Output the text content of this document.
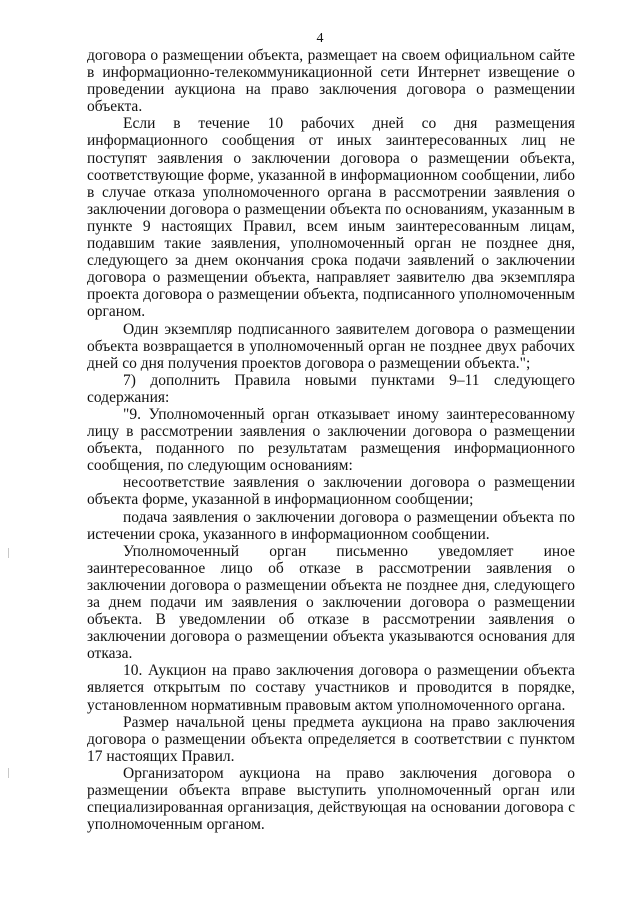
4

договора о размещении объекта, размещает на своем официальном сайте в информационно-телекоммуникационной сети Интернет извещение о проведении аукциона на право заключения договора о размещении объекта.

Если в течение 10 рабочих дней со дня размещения информационного сообщения от иных заинтересованных лиц не поступят заявления о заключении договора о размещении объекта, соответствующие форме, указанной в информационном сообщении, либо в случае отказа уполномоченного органа в рассмотрении заявления о заключении договора о размещении объекта по основаниям, указанным в пункте 9 настоящих Правил, всем иным заинтересованным лицам, подавшим такие заявления, уполномоченный орган не позднее дня, следующего за днем окончания срока подачи заявлений о заключении договора о размещении объекта, направляет заявителю два экземпляра проекта договора о размещении объекта, подписанного уполномоченным органом.

Один экземпляр подписанного заявителем договора о размещении объекта возвращается в уполномоченный орган не позднее двух рабочих дней со дня получения проектов договора о размещении объекта.";

7) дополнить Правила новыми пунктами 9–11 следующего содержания:

"9. Уполномоченный орган отказывает иному заинтересованному лицу в рассмотрении заявления о заключении договора о размещении объекта, поданного по результатам размещения информационного сообщения, по следующим основаниям:

несоответствие заявления о заключении договора о размещении объекта форме, указанной в информационном сообщении;

подача заявления о заключении договора о размещении объекта по истечении срока, указанного в информационном сообщении.

Уполномоченный орган письменно уведомляет иное заинтересованное лицо об отказе в рассмотрении заявления о заключении договора о размещении объекта не позднее дня, следующего за днем подачи им заявления о заключении договора о размещении объекта. В уведомлении об отказе в рассмотрении заявления о заключении договора о размещении объекта указываются основания для отказа.

10. Аукцион на право заключения договора о размещении объекта является открытым по составу участников и проводится в порядке, установленном нормативным правовым актом уполномоченного органа.

Размер начальной цены предмета аукциона на право заключения договора о размещении объекта определяется в соответствии с пунктом 17 настоящих Правил.

Организатором аукциона на право заключения договора о размещении объекта вправе выступить уполномоченный орган или специализированная организация, действующая на основании договора с уполномоченным органом.
